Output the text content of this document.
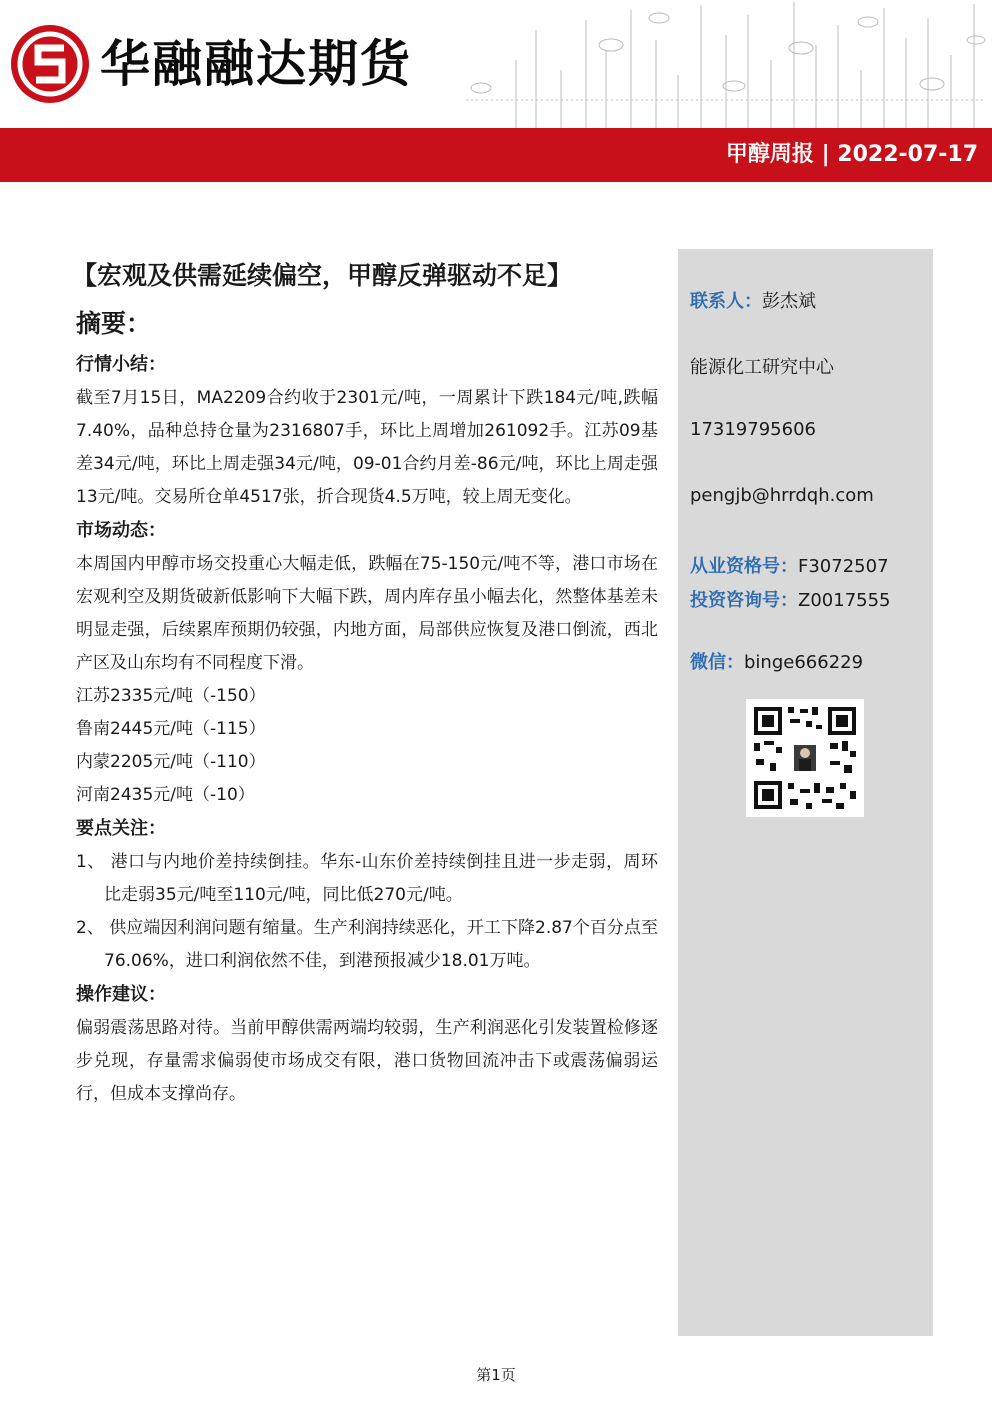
华融融达期货
甲醇周报 | 2022-07-17
【宏观及供需延续偏空，甲醇反弹驱动不足】
摘要：
行情小结：

截至7月15日，MA2209合约收于2301元/吨，一周累计下跌184元/吨,跌幅7.40%，品种总持仓量为2316807手，环比上周增加261092手。江苏09基差34元/吨，环比上周走强34元/吨，09-01合约月差-86元/吨，环比上周走强13元/吨。交易所仓单4517张，折合现货4.5万吨，较上周无变化。

市场动态：

本周国内甲醇市场交投重心大幅走低，跌幅在75-150元/吨不等，港口市场在宏观利空及期货破新低影响下大幅下跌，周内库存虽小幅去化，然整体基差未明显走强，后续累库预期仍较强，内地方面，局部供应恢复及港口倒流，西北产区及山东均有不同程度下滑。

江苏2335元/吨（-150）
鲁南2445元/吨（-115）
内蒙2205元/吨（-110）
河南2435元/吨（-10）
要点关注：
1、 港口与内地价差持续倒挂。华东-山东价差持续倒挂且进一步走弱，周环比走弱35元/吨至110元/吨，同比低270元/吨。
2、 供应端因利润问题有缩量。生产利润持续恶化，开工下降2.87个百分点至76.06%，进口利润依然不佳，到港预报减少18.01万吨。
操作建议：

偏弱震荡思路对待。当前甲醇供需两端均较弱，生产利润恶化引发装置检修逐步兑现，存量需求偏弱使市场成交有限，港口货物回流冲击下或震荡偏弱运行，但成本支撑尚存。

联系人：彭杰斌
能源化工研究中心
17319795606
pengjb@hrrdqh.com
从业资格号：F3072507
投资咨询号：Z0017555
微信：binge666229
第1页
